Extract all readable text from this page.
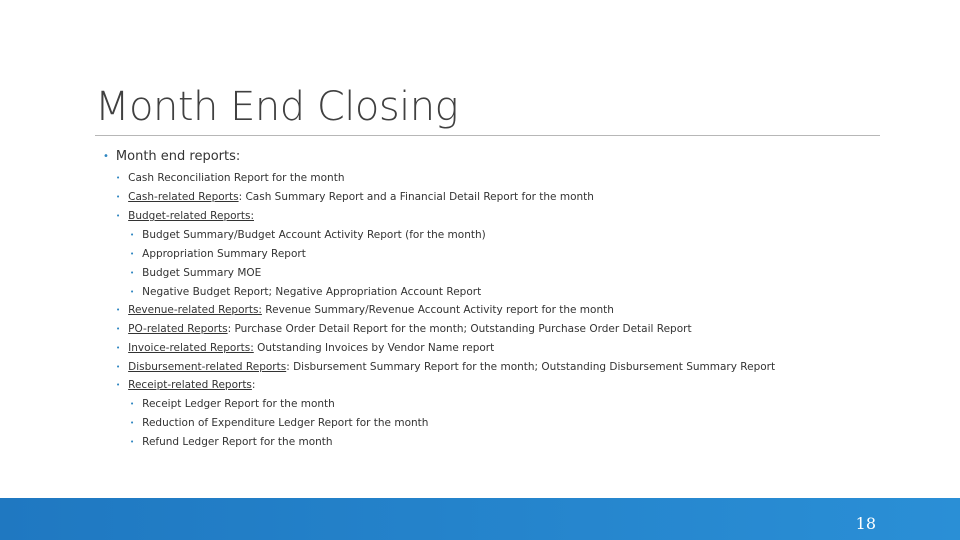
Month End Closing
• Month end reports:
• Cash Reconciliation Report for the month
• Cash-related Reports: Cash Summary Report and a Financial Detail Report for the month
• Budget-related Reports:
• Budget Summary/Budget Account Activity Report (for the month)
• Appropriation Summary Report
• Budget Summary MOE
• Negative Budget Report; Negative Appropriation Account Report
• Revenue-related Reports: Revenue Summary/Revenue Account Activity report for the month
• PO-related Reports: Purchase Order Detail Report for the month; Outstanding Purchase Order Detail Report
• Invoice-related Reports: Outstanding Invoices by Vendor Name report
• Disbursement-related Reports: Disbursement Summary Report for the month; Outstanding Disbursement Summary Report
• Receipt-related Reports:
• Receipt Ledger Report for the month
• Reduction of Expenditure Ledger Report for the month
• Refund Ledger Report for the month
18
